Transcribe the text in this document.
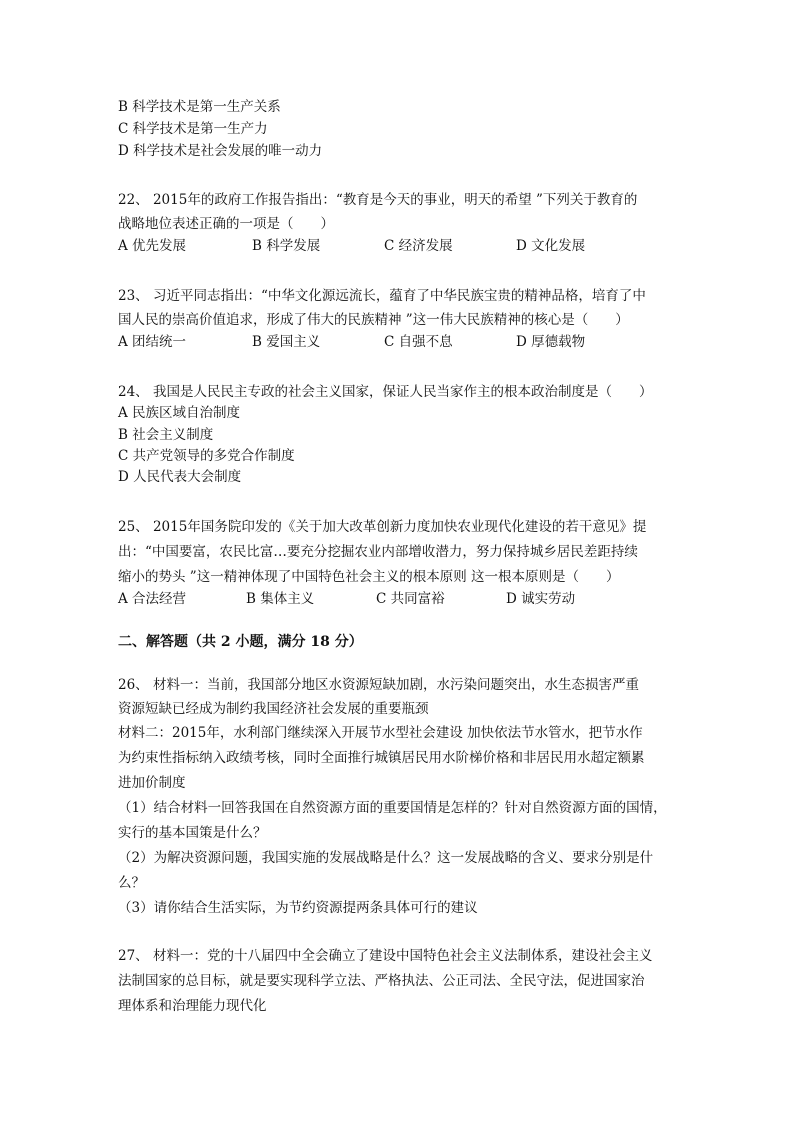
B 科学技术是第一生产关系
C 科学技术是第一生产力
D 科学技术是社会发展的唯一动力
22、 2015年的政府工作报告指出：“教育是今天的事业，明天的希望 ”下列关于教育的
战略地位表述正确的一项是（　　）
A 优先发展	B 科学发展	C 经济发展	D 文化发展
23、 习近平同志指出：“中华文化源远流长，蕴育了中华民族宝贵的精神品格，培育了中
国人民的崇高价值追求，形成了伟大的民族精神 ”这一伟大民族精神的核心是（　　）
A 团结统一	B 爱国主义	C 自强不息	D 厚德载物
24、 我国是人民民主专政的社会主义国家，保证人民当家作主的根本政治制度是（　　）
A 民族区域自治制度
B 社会主义制度
C 共产党领导的多党合作制度
D 人民代表大会制度
25、 2015年国务院印发的《关于加大改革创新力度加快农业现代化建设的若干意见》提
出：“中国要富，农民比富…要充分挖掘农业内部增收潜力，努力保持城乡居民差距持续
缩小的势头 ”这一精神体现了中国特色社会主义的根本原则 这一根本原则是（　　）
A 合法经营	B 集体主义	C 共同富裕	D 诚实劳动
二、解答题（共 2 小题，满分 18 分）
26、 材料一：当前，我国部分地区水资源短缺加剧，水污染问题突出，水生态损害严重
资源短缺已经成为制约我国经济社会发展的重要瓶颈
材料二：2015年，水利部门继续深入开展节水型社会建设 加快依法节水管水，把节水作
为约束性指标纳入政绩考核，同时全面推行城镇居民用水阶梯价格和非居民用水超定额累
进加价制度
（1）结合材料一回答我国在自然资源方面的重要国情是怎样的？针对自然资源方面的国情，
实行的基本国策是什么？
（2）为解决资源问题，我国实施的发展战略是什么？这一发展战略的含义、要求分别是什
么？
（3）请你结合生活实际，为节约资源提两条具体可行的建议
27、 材料一：党的十八届四中全会确立了建设中国特色社会主义法制体系，建设社会主义
法制国家的总目标，就是要实现科学立法、严格执法、公正司法、全民守法，促进国家治
理体系和治理能力现代化
